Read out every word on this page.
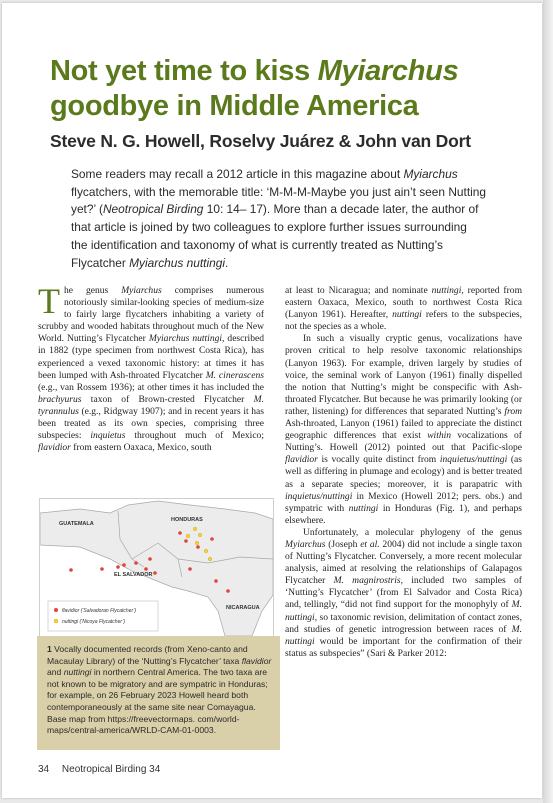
Not yet time to kiss Myiarchus
goodbye in Middle America

Steve N. G. Howell, Roselvy Juárez & John van Dort

Some readers may recall a 2012 article in this magazine about Myiarchus flycatchers, with the memorable title: ‘M-M-M-Maybe you just ain’t seen Nutting yet?’ (Neotropical Birding 10: 14– 17). More than a decade later, the author of that article is joined by two colleagues to explore further issues surrounding the identification and taxonomy of what is currently treated as Nutting’s Flycatcher Myiarchus nuttingi.

The genus Myiarchus comprises numerous notoriously similar-looking species of medium-size to fairly large flycatchers inhabiting a variety of scrubby and wooded habitats throughout much of the New World. Nutting’s Flycatcher Myiarchus nuttingi, described in 1882 (type specimen from northwest Costa Rica), has experienced a vexed taxonomic history: at times it has been lumped with Ash-throated Flycatcher M. cinerascens (e.g., van Rossem 1936); at other times it has included the brachyurus taxon of Brown-crested Flycatcher M. tyrannulus (e.g., Ridgway 1907); and in recent years it has been treated as its own species, comprising three subspecies: inquietus throughout much of Mexico; flavidior from eastern Oaxaca, Mexico, south

at least to Nicaragua; and nominate nuttingi, reported from eastern Oaxaca, Mexico, south to northwest Costa Rica (Lanyon 1961). Hereafter, nuttingi refers to the subspecies, not the species as a whole.

In such a visually cryptic genus, vocalizations have proven critical to help resolve taxonomic relationships (Lanyon 1963). For example, driven largely by studies of voice, the seminal work of Lanyon (1961) finally dispelled the notion that Nutting’s might be conspecific with Ash-throated Flycatcher. But because he was primarily looking (or rather, listening) for differences that separated Nutting’s from Ash-throated, Lanyon (1961) failed to appreciate the distinct geographic differences that exist within vocalizations of Nutting’s. Howell (2012) pointed out that Pacific-slope flavidior is vocally quite distinct from inquietus/nuttingi (as well as differing in plumage and ecology) and is better treated as a separate species; moreover, it is parapatric with inquietus/nuttingi in Mexico (Howell 2012; pers. obs.) and sympatric with nuttingi in Honduras (Fig. 1), and perhaps elsewhere.

Unfortunately, a molecular phylogeny of the genus Myiarchus (Joseph et al. 2004) did not include a single taxon of Nutting’s Flycatcher. Conversely, a more recent molecular analysis, aimed at resolving the relationships of Galapagos Flycatcher M. magnirostris, included two samples of ‘Nutting’s Flycatcher’ (from El Salvador and Costa Rica) and, tellingly, “did not find support for the monophyly of M. nuttingi, so taxonomic revision, delimitation of contact zones, and studies of genetic introgression between races of M. nuttingi would be important for the confirmation of their status as subspecies” (Sari & Parker 2012:

GUATEMALA
HONDURAS
EL SALVADOR
NICARAGUA
flavidior (‘Salvadoran Flycatcher’)
nuttingi (‘Nicoya Flycatcher’)

1 Vocally documented records (from Xeno-canto and Macaulay Library) of the ‘Nutting’s Flycatcher’ taxa flavidior and nuttingi in northern Central America. The two taxa are not known to be migratory and are sympatric in Honduras; for example, on 26 February 2023 Howell heard both contemporaneously at the same site near Comayagua. Base map from https://freevectormaps. com/world-maps/central-america/WRLD-CAM-01-0003.

34 Neotropical Birding 34
